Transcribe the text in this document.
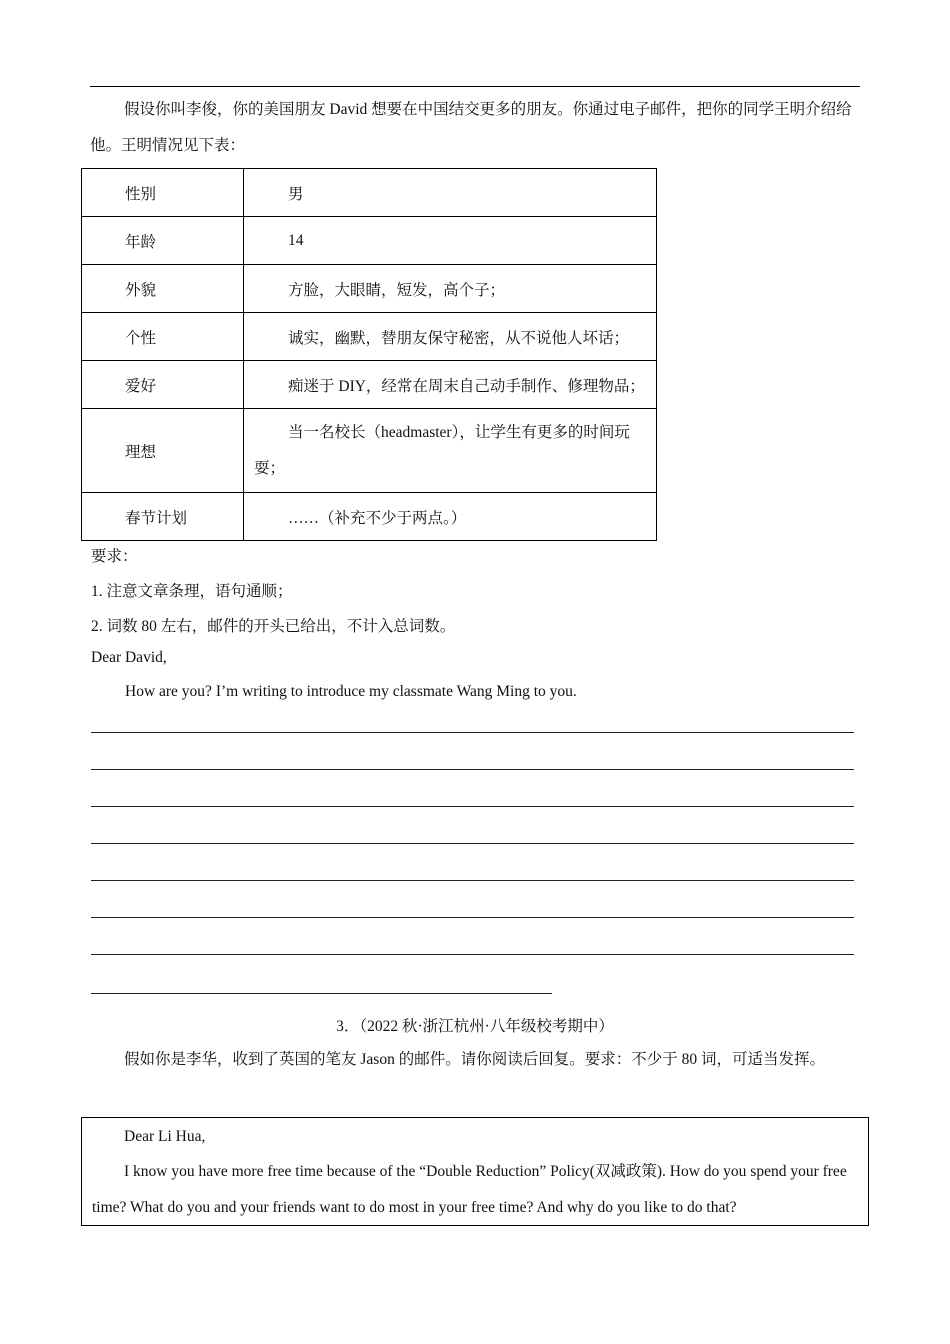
假设你叫李俊，你的美国朋友 David 想要在中国结交更多的朋友。你通过电子邮件，把你的同学王明介绍给他。王明情况见下表：
性别	男
年龄	14
外貌	方脸，大眼睛，短发，高个子；
个性	诚实，幽默，替朋友保守秘密，从不说他人坏话；
爱好	痴迷于 DIY，经常在周末自己动手制作、修理物品；
理想	当一名校长（headmaster），让学生有更多的时间玩耍；
春节计划	……（补充不少于两点。）
要求：
1. 注意文章条理，语句通顺；
2. 词数 80 左右，邮件的开头已给出，不计入总词数。
Dear David,
How are you? I’m writing to introduce my classmate Wang Ming to you.
3．（2022 秋·浙江杭州·八年级校考期中）
假如你是李华，收到了英国的笔友 Jason 的邮件。请你阅读后回复。要求：不少于 80 词，可适当发挥。
Dear Li Hua,
I know you have more free time because of the “Double Reduction” Policy(双减政策). How do you spend your free time? What do you and your friends want to do most in your free time? And why do you like to do that?
